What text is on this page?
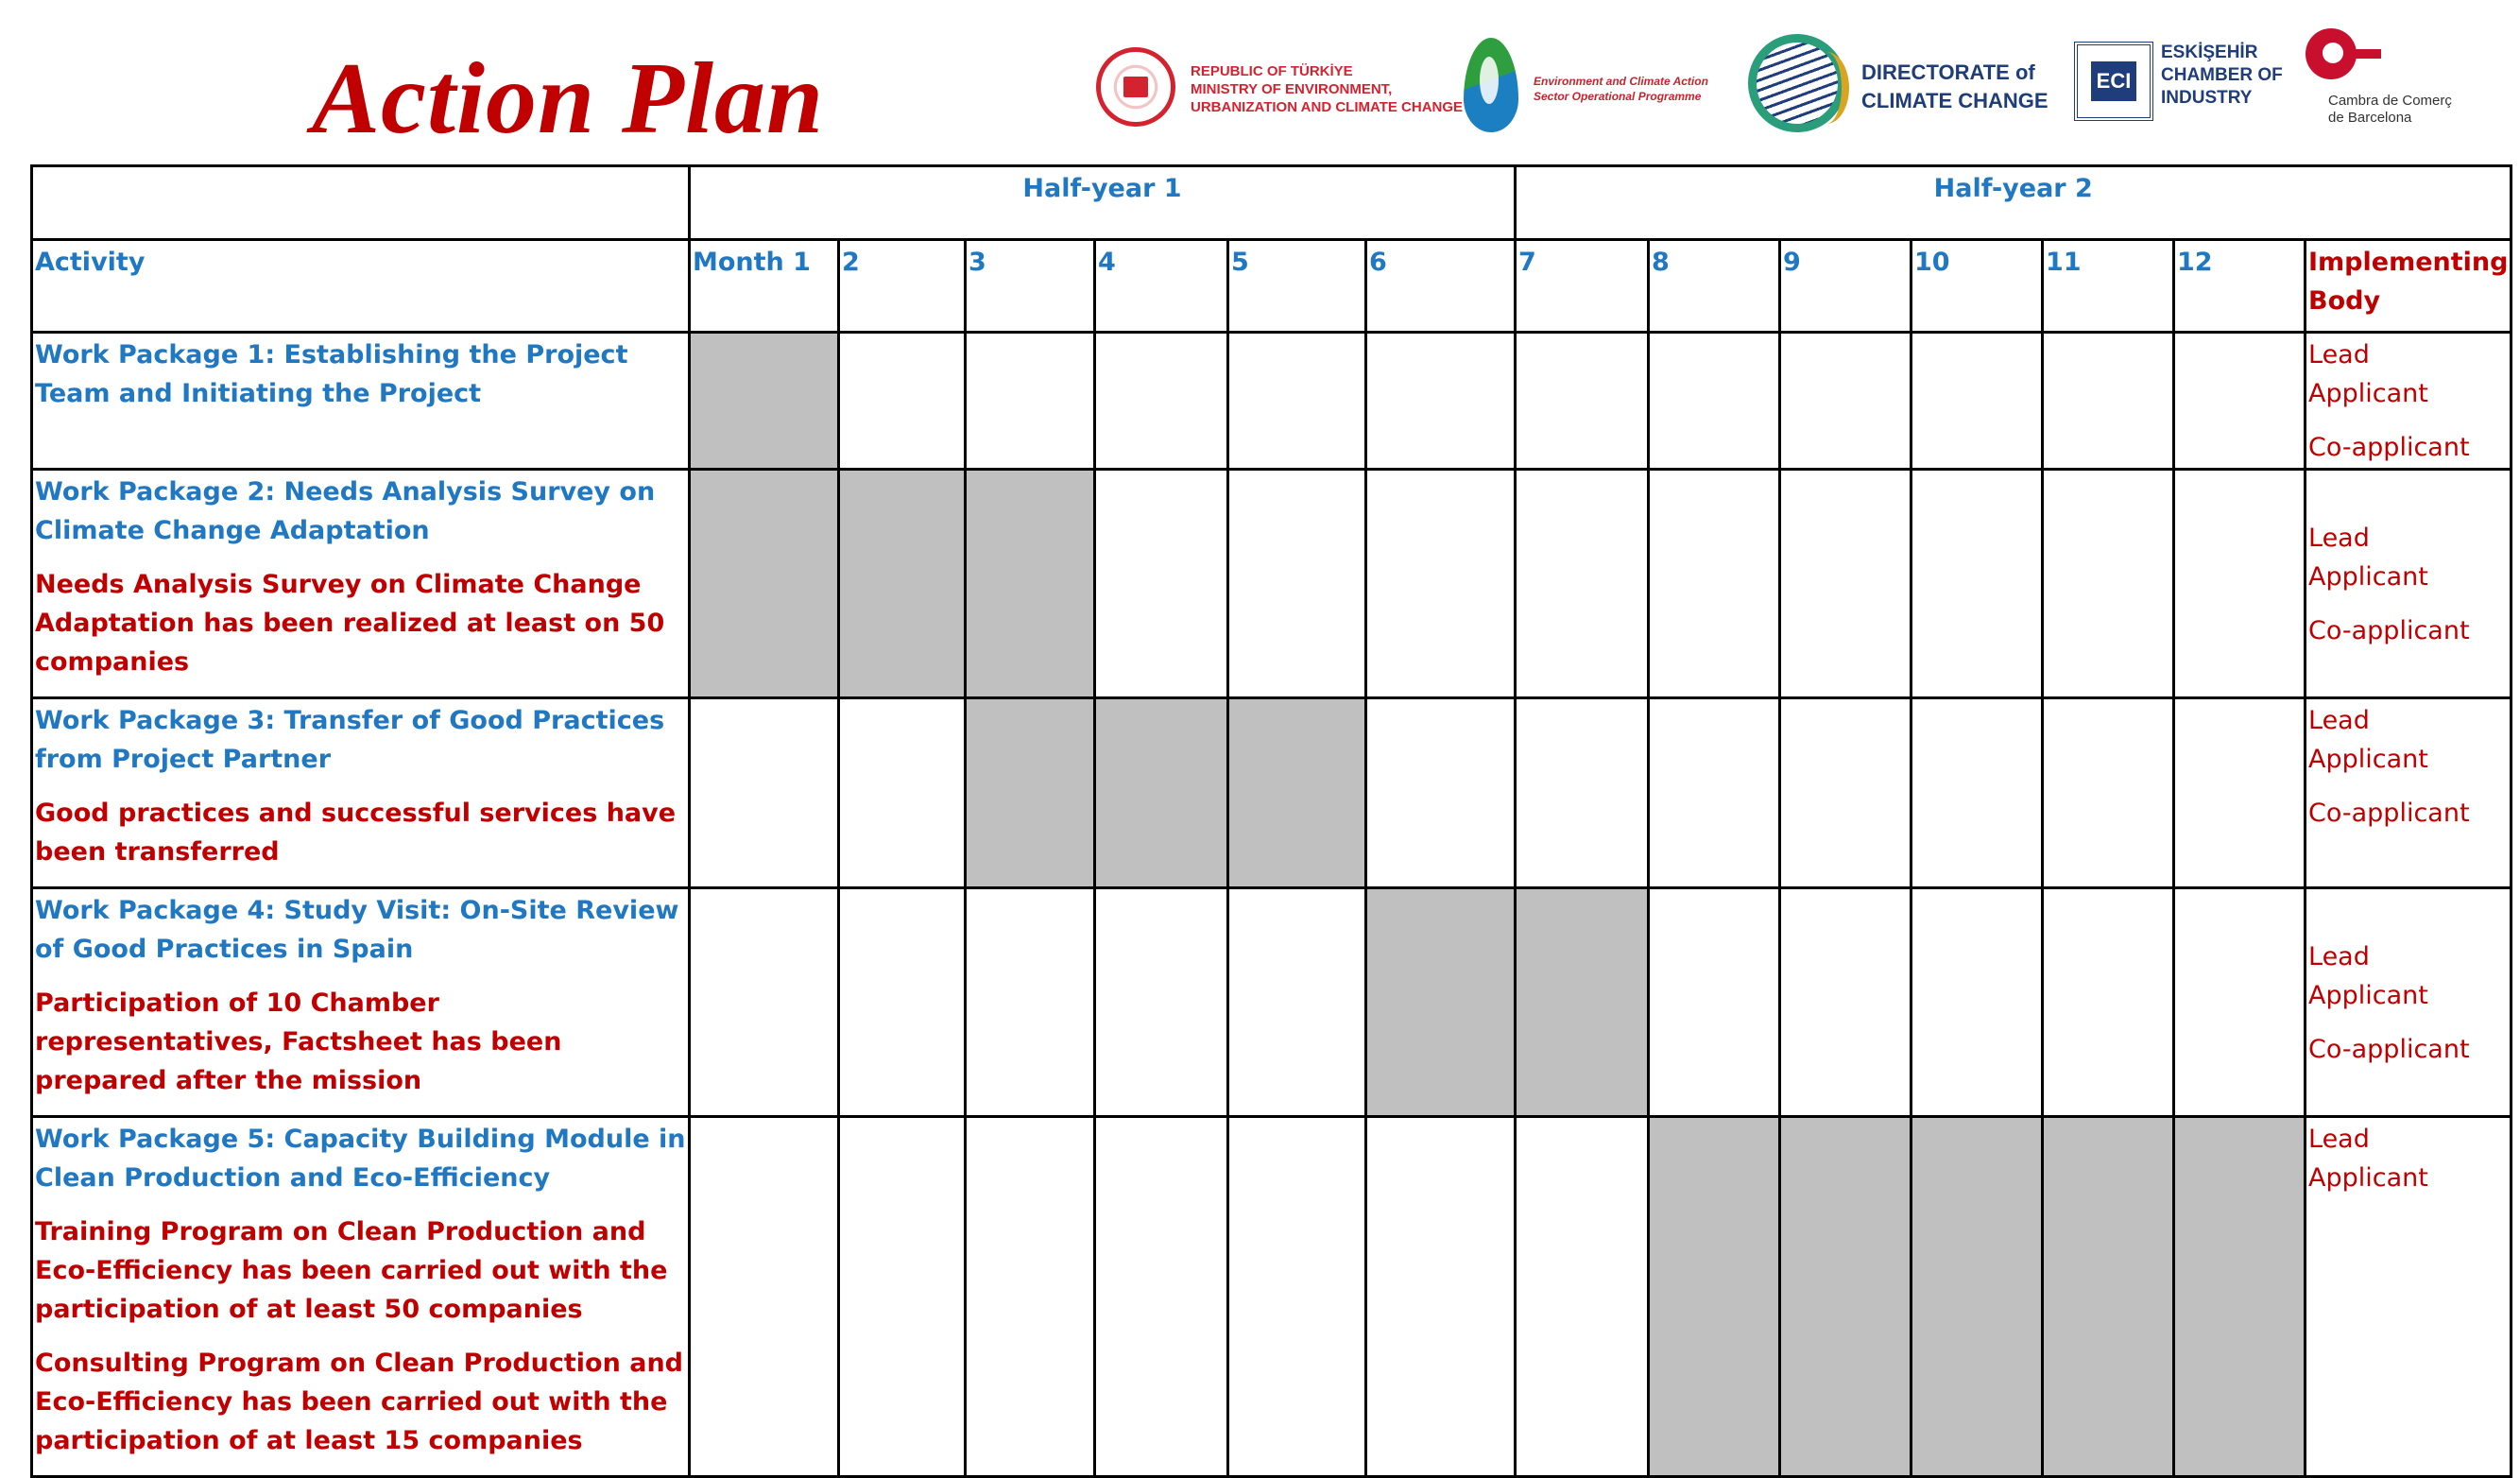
Action Plan	REPUBLIC OF TÜRKİYE
MINISTRY OF ENVIRONMENT,
URBANIZATION AND CLIMATE CHANGE
Environment and Climate Action
Sector Operational Programme
DIRECTORATE of
CLIMATE CHANGE
ECI
ESKİŞEHİR
CHAMBER OF
INDUSTRY	Cambra de Comerç
de Barcelona
	Half-year 1						Half-year 2						
Activity	Month 1	2	3	4	5	6	7	8	9	10	11	12	Implementing
Body

Work Package 1: Establishing the Project Team and Initiating the Project													Lead
Applicant
Co-applicant

Work Package 2: Needs Analysis Survey on Climate Change Adaptation
Needs Analysis Survey on Climate Change Adaptation has been realized at least on 50 companies													Lead
Applicant
Co-applicant

Work Package 3: Transfer of Good Practices from Project Partner
Good practices and successful services have been transferred													Lead
Applicant
Co-applicant

Work Package 4: Study Visit: On-Site Review of Good Practices in Spain
Participation of 10 Chamber representatives, Factsheet has been prepared after the mission													Lead
Applicant
Co-applicant

Work Package 5: Capacity Building Module in Clean Production and Eco-Efficiency
Training Program on Clean Production and Eco-Efficiency has been carried out with the participation of at least 50 companies
Consulting Program on Clean Production and Eco-Efficiency has been carried out with the participation of at least 15 companies													Lead
Applicant
